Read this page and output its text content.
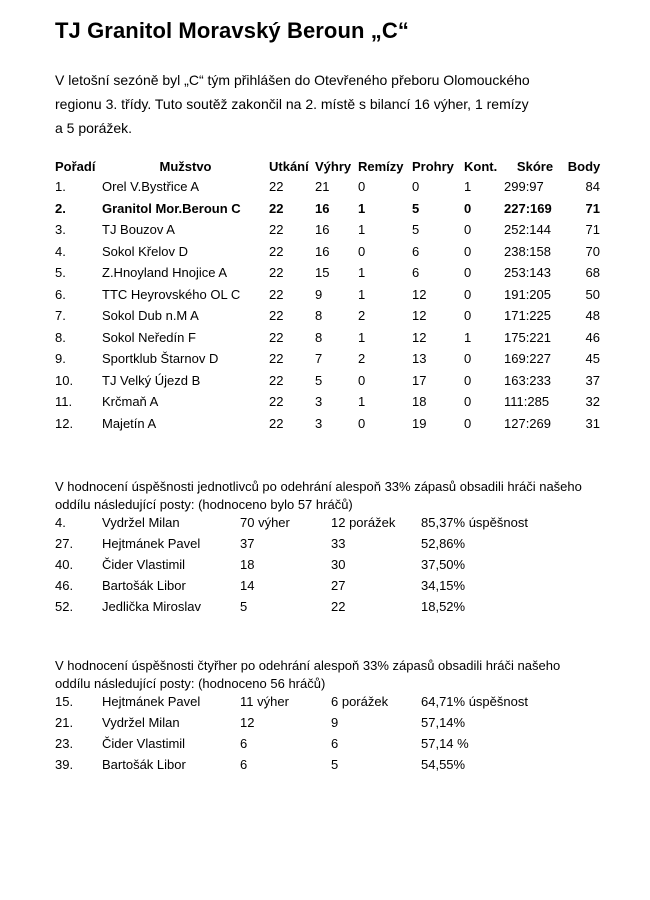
TJ Granitol Moravský Beroun „C“
V letošní sezóně byl „C“ tým přihlášen do Otevřeného přeboru Olomouckého
regionu 3. třídy. Tuto soutěž zakončil na 2. místě s bilancí 16 výher, 1 remízy
a 5 porážek.
Pořadí	Mužstvo	Utkání	Výhry	Remízy	Prohry	Kont.	Skóre	Body
1.	Orel V.Bystřice A	22	21	0	0	1	299:97	84
2.	Granitol Mor.Beroun C	22	16	1	5	0	227:169	71
3.	TJ Bouzov A	22	16	1	5	0	252:144	71
4.	Sokol Křelov D	22	16	0	6	0	238:158	70
5.	Z.Hnoyland Hnojice A	22	15	1	6	0	253:143	68
6.	TTC Heyrovského OL C	22	9	1	12	0	191:205	50
7.	Sokol Dub n.M A	22	8	2	12	0	171:225	48
8.	Sokol Neředín F	22	8	1	12	1	175:221	46
9.	Sportklub Štarnov D	22	7	2	13	0	169:227	45
10.	TJ Velký Újezd B	22	5	0	17	0	163:233	37
11.	Krčmaň A	22	3	1	18	0	111:285	32
12.	Majetín A	22	3	0	19	0	127:269	31
V hodnocení úspěšnosti jednotlivců po odehrání alespoň 33% zápasů obsadili hráči našeho
oddílu následující posty: (hodnoceno bylo 57 hráčů)
4.	Vydržel Milan	70 výher	12 porážek	85,37% úspěšnost
27.	Hejtmánek Pavel	37	33	52,86%
40.	Čider Vlastimil	18	30	37,50%
46.	Bartošák Libor	14	27	34,15%
52.	Jedlička Miroslav	5	22	18,52%
V hodnocení úspěšnosti čtyřher po odehrání alespoň 33% zápasů obsadili hráči našeho
oddílu následující posty: (hodnoceno 56 hráčů)
15.	Hejtmánek Pavel	11 výher	6 porážek	64,71% úspěšnost
21.	Vydržel Milan	12	9	57,14%
23.	Čider Vlastimil	6	6	57,14 %
39.	Bartošák Libor	6	5	54,55%
